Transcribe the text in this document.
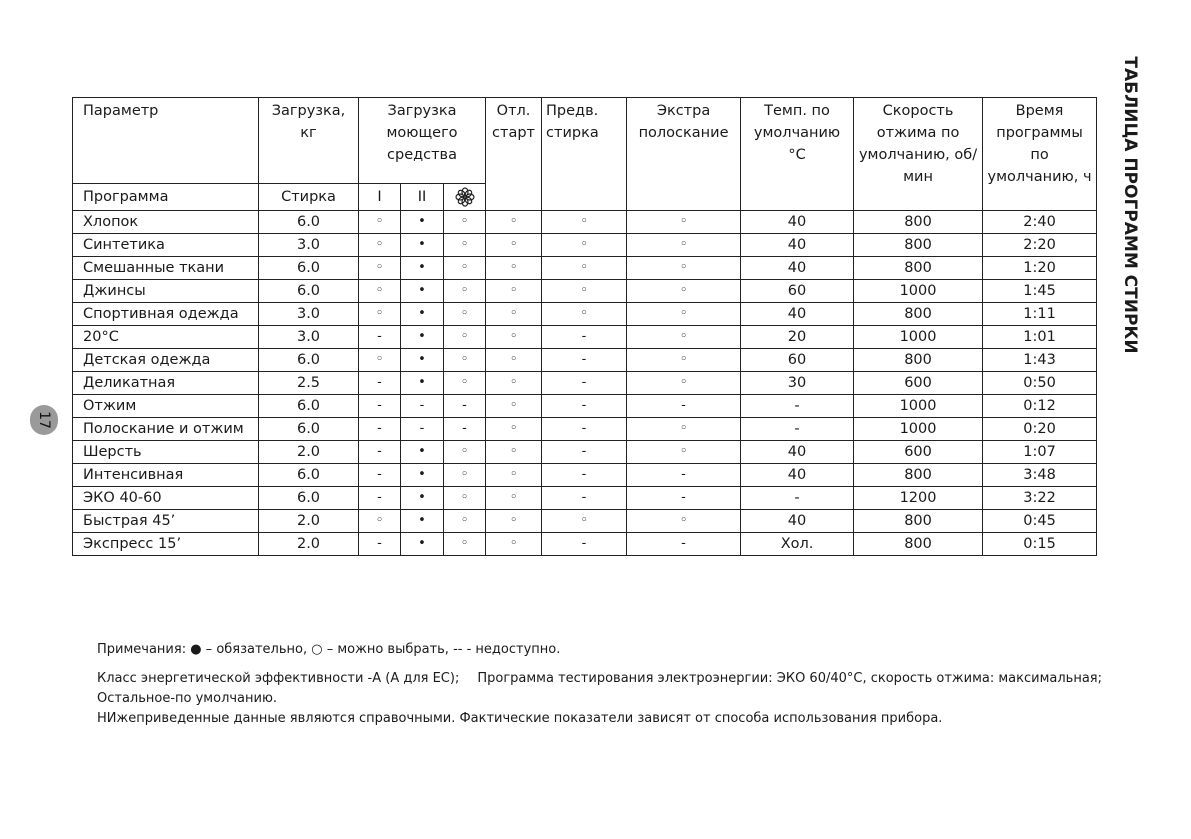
ТАБЛИЦА ПРОГРАММ СТИРКИ
17
Параметр	Загрузка, кг	Загрузка моющего средства			Отл. старт	Предв. стирка	Экстра полоскание	Темп. по умолчанию °С	Скорость отжима по умолчанию, об/мин	Время программы по умолчанию, ч
Программа	Стирка	I	II	
Хлопок	6.0	◦	•	◦	◦	◦	◦	40	800	2:40
Синтетика	3.0	◦	•	◦	◦	◦	◦	40	800	2:20
Смешанные ткани	6.0	◦	•	◦	◦	◦	◦	40	800	1:20
Джинсы	6.0	◦	•	◦	◦	◦	◦	60	1000	1:45
Спортивная одежда	3.0	◦	•	◦	◦	◦	◦	40	800	1:11
20°C	3.0	-	•	◦	◦	-	◦	20	1000	1:01
Детская одежда	6.0	◦	•	◦	◦	-	◦	60	800	1:43
Деликатная	2.5	-	•	◦	◦	-	◦	30	600	0:50
Отжим	6.0	-	-	-	◦	-	-	-	1000	0:12
Полоскание и отжим	6.0	-	-	-	◦	-	◦	-	1000	0:20
Шерсть	2.0	-	•	◦	◦	-	◦	40	600	1:07
Интенсивная	6.0	-	•	◦	◦	-	-	40	800	3:48
ЭКО 40-60	6.0	-	•	◦	◦	-	-	-	1200	3:22
Быстрая 45’	2.0	◦	•	◦	◦	◦	◦	40	800	0:45
Экспресс 15’	2.0	-	•	◦	◦	-	-	Хол.	800	0:15

Примечания: ● – обязательно, ○ – можно выбрать, -- - недоступно.

Класс энергетической эффективности -A (A для ЕС); Программа тестирования электроэнергии: ЭКО 60/40°С, скорость отжима: максимальная;

Остальное-по умолчанию.

НИжеприведенные данные являются справочными. Фактические показатели зависят от способа использования прибора.
